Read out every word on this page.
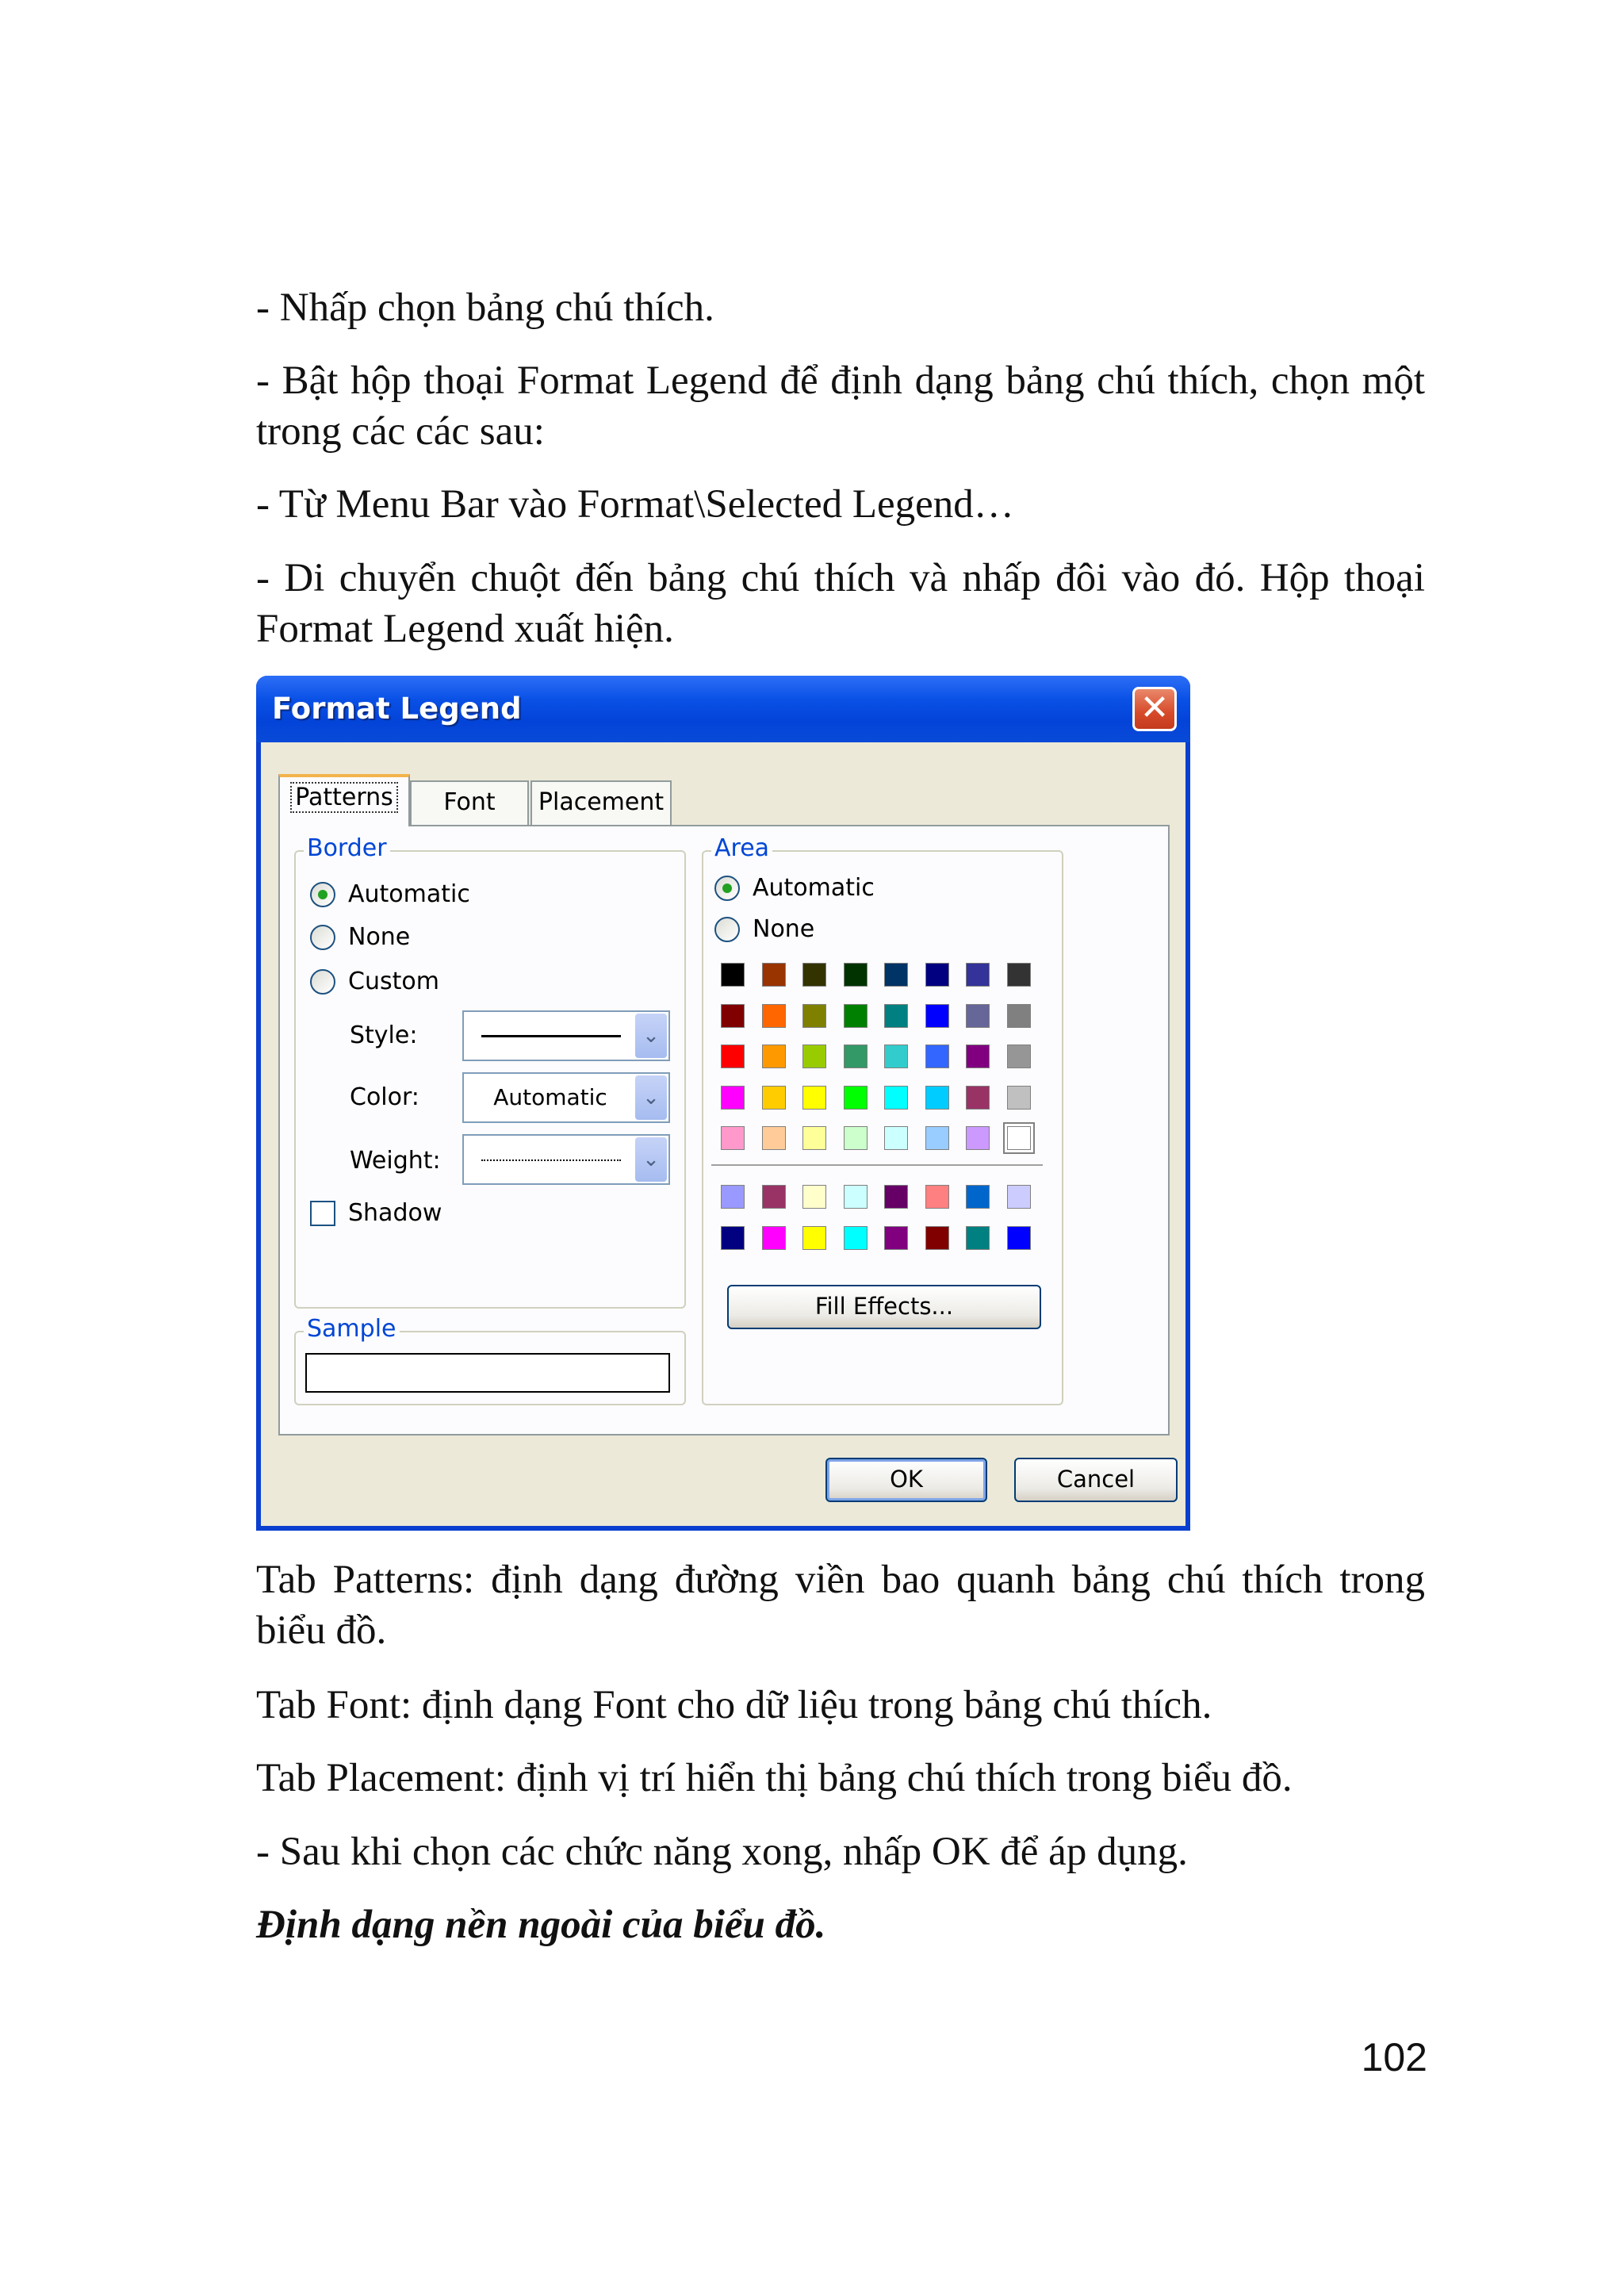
- Nhấp chọn bảng chú thích.

- Bật hộp thoại Format Legend để định dạng bảng chú thích, chọn một trong các các sau:

- Từ Menu Bar vào Format\Selected Legend…

- Di chuyển chuột đến bảng chú thích và nhấp đôi vào đó. Hộp thoại Format Legend xuất hiện.

Format Legend	✕
Patterns	Font	Placement
Border
Automatic
None
Custom
Style:	⌄
Color:	Automatic	⌄
Weight:	⌄
Shadow
Sample
Area
Automatic
None
Fill Effects...
OK	Cancel

Tab Patterns: định dạng đường viền bao quanh bảng chú thích trong biểu đồ.

Tab Font: định dạng Font cho dữ liệu trong bảng chú thích.

Tab Placement: định vị trí hiển thị bảng chú thích trong biểu đồ.

- Sau khi chọn các chức năng xong, nhấp OK để áp dụng.

Định dạng nền ngoài của biểu đồ.

102
